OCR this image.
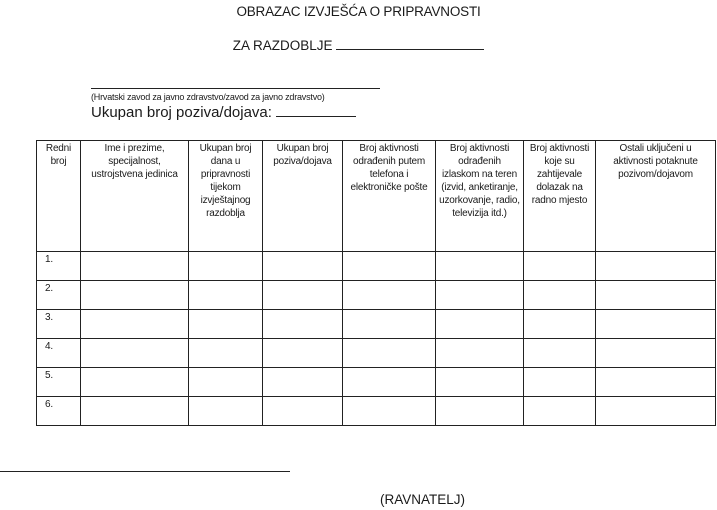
OBRAZAC IZVJEŠĆA O PRIPRAVNOSTI
ZA RAZDOBLJE
(Hrvatski zavod za javno zdravstvo/zavod za javno zdravstvo)
Ukupan broj poziva/dojava:
Redni broj	Ime i prezime, specijalnost, ustrojstvena jedinica	Ukupan broj dana u pripravnosti tijekom izvještajnog razdoblja	Ukupan broj poziva/dojava	Broj aktivnosti odrađenih putem telefona i elektroničke pošte	Broj aktivnosti odrađenih izlaskom na teren (izvid, anketiranje, uzorkovanje, radio, televizija itd.)	Broj aktivnosti koje su zahtijevale dolazak na radno mjesto	Ostali uključeni u aktivnosti potaknute pozivom/dojavom
1.							
2.							
3.							
4.							
5.							
6.							
(RAVNATELJ)
